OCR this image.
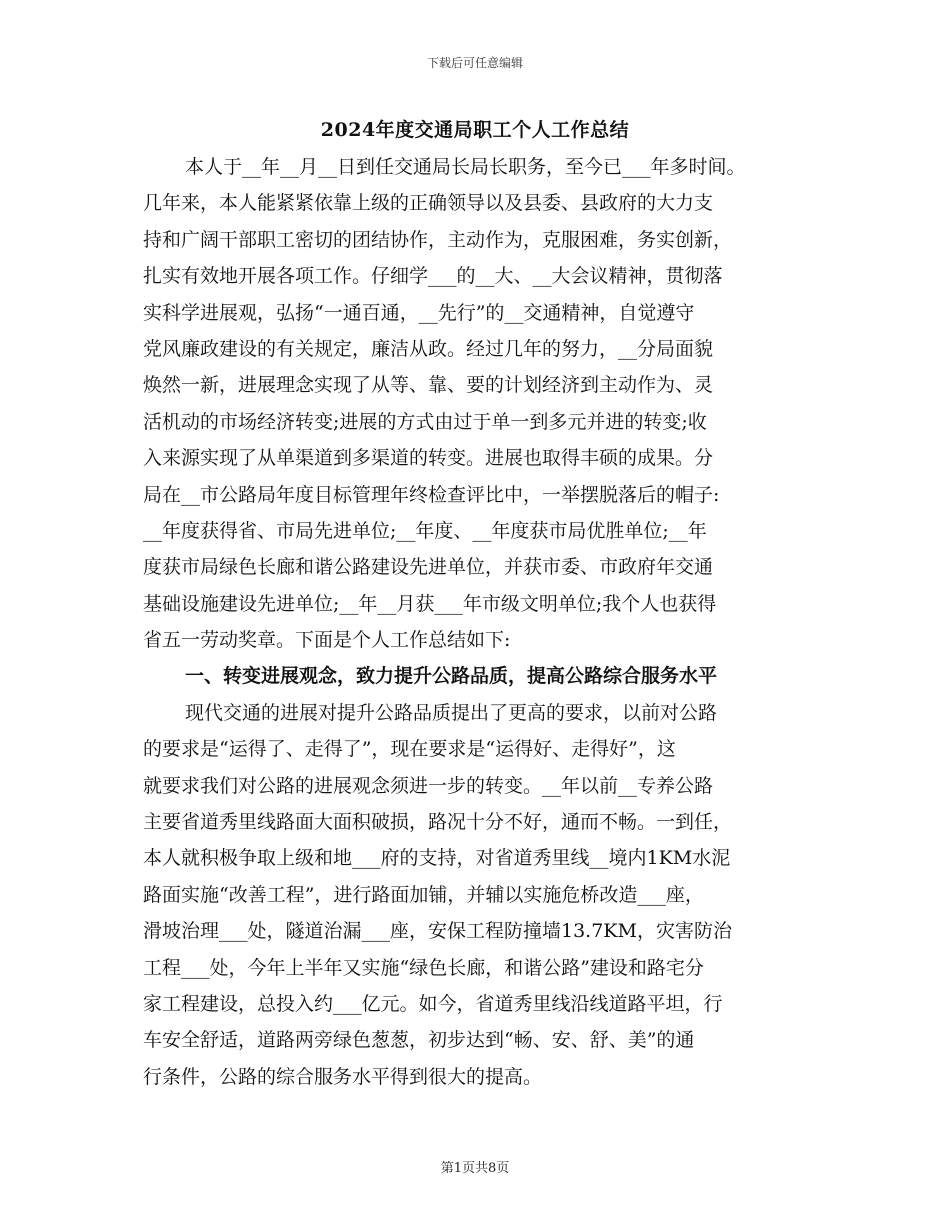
下载后可任意编辑
2024年度交通局职工个人工作总结
本人于__年__月__日到任交通局长局长职务，至今已___年多时间。
几年来，本人能紧紧依靠上级的正确领导以及县委、县政府的大力支
持和广阔干部职工密切的团结协作，主动作为，克服困难，务实创新，
扎实有效地开展各项工作。仔细学___的__大、__大会议精神，贯彻落
实科学进展观，弘扬“一通百通，__先行”的__交通精神，自觉遵守
党风廉政建设的有关规定，廉洁从政。经过几年的努力，__分局面貌
焕然一新，进展理念实现了从等、靠、要的计划经济到主动作为、灵
活机动的市场经济转变;进展的方式由过于单一到多元并进的转变;收
入来源实现了从单渠道到多渠道的转变。进展也取得丰硕的成果。分
局在__市公路局年度目标管理年终检查评比中，一举摆脱落后的帽子:
__年度获得省、市局先进单位;__年度、__年度获市局优胜单位;__年
度获市局绿色长廊和谐公路建设先进单位，并获市委、市政府年交通
基础设施建设先进单位;__年__月获___年市级文明单位;我个人也获得
省五一劳动奖章。下面是个人工作总结如下:
一、转变进展观念，致力提升公路品质，提高公路综合服务水平
现代交通的进展对提升公路品质提出了更高的要求，以前对公路
的要求是“运得了、走得了”，现在要求是“运得好、走得好”，这
就要求我们对公路的进展观念须进一步的转变。__年以前__专养公路
主要省道秀里线路面大面积破损，路况十分不好，通而不畅。一到任，
本人就积极争取上级和地___府的支持，对省道秀里线__境内1KM水泥
路面实施“改善工程”，进行路面加铺，并辅以实施危桥改造___座，
滑坡治理___处，隧道治漏___座，安保工程防撞墙13.7KM，灾害防治
工程___处，今年上半年又实施“绿色长廊，和谐公路”建设和路宅分
家工程建设，总投入约___亿元。如今，省道秀里线沿线道路平坦，行
车安全舒适，道路两旁绿色葱葱，初步达到“畅、安、舒、美”的通
行条件，公路的综合服务水平得到很大的提高。
第1页共8页
